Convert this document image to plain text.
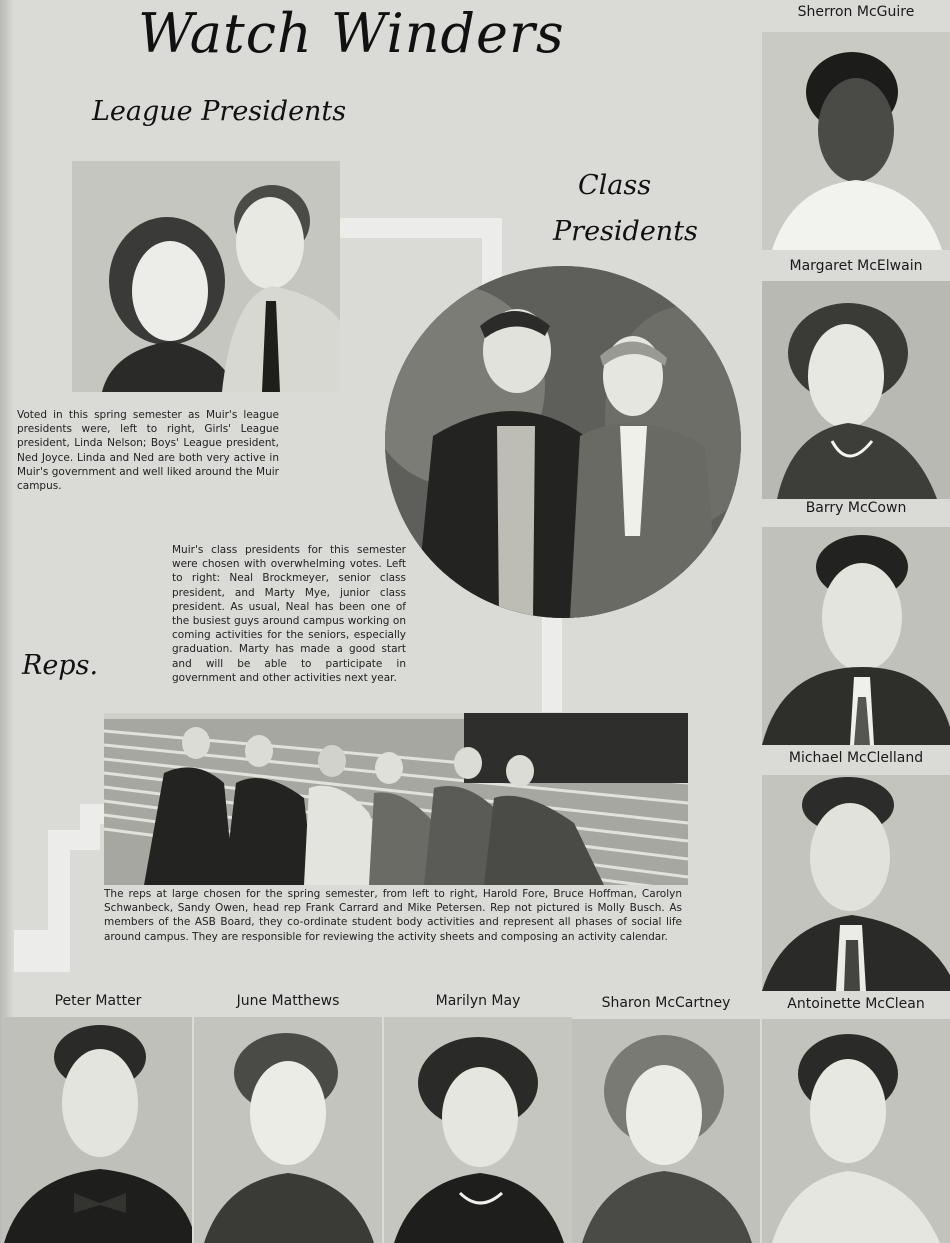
Watch Winders
League Presidents
Class
Presidents
Reps.
Voted in this spring semester as Muir's league presidents were, left to right, Girls' League president, Linda Nelson; Boys' League president, Ned Joyce. Linda and Ned are both very active in Muir's government and well liked around the Muir campus.
Muir's class presidents for this semester were chosen with overwhelming votes. Left to right: Neal Brockmeyer, senior class president, and Marty Mye, junior class president. As usual, Neal has been one of the busiest guys around campus working on coming activities for the seniors, especially graduation. Marty has made a good start and will be able to participate in government and other activities next year.
The reps at large chosen for the spring semester, from left to right, Harold Fore, Bruce Hoffman, Carolyn Schwanbeck, Sandy Owen, head rep Frank Carrard and Mike Petersen. Rep not pictured is Molly Busch. As members of the ASB Board, they co-ordinate student body activities and represent all phases of social life around campus. They are responsible for reviewing the activity sheets and composing an activity calendar.
Sherron McGuire
Margaret McElwain
Barry McCown
Michael McClelland
Antoinette McClean
Peter Matter	June Matthews	Marilyn May	Sharon McCartney
